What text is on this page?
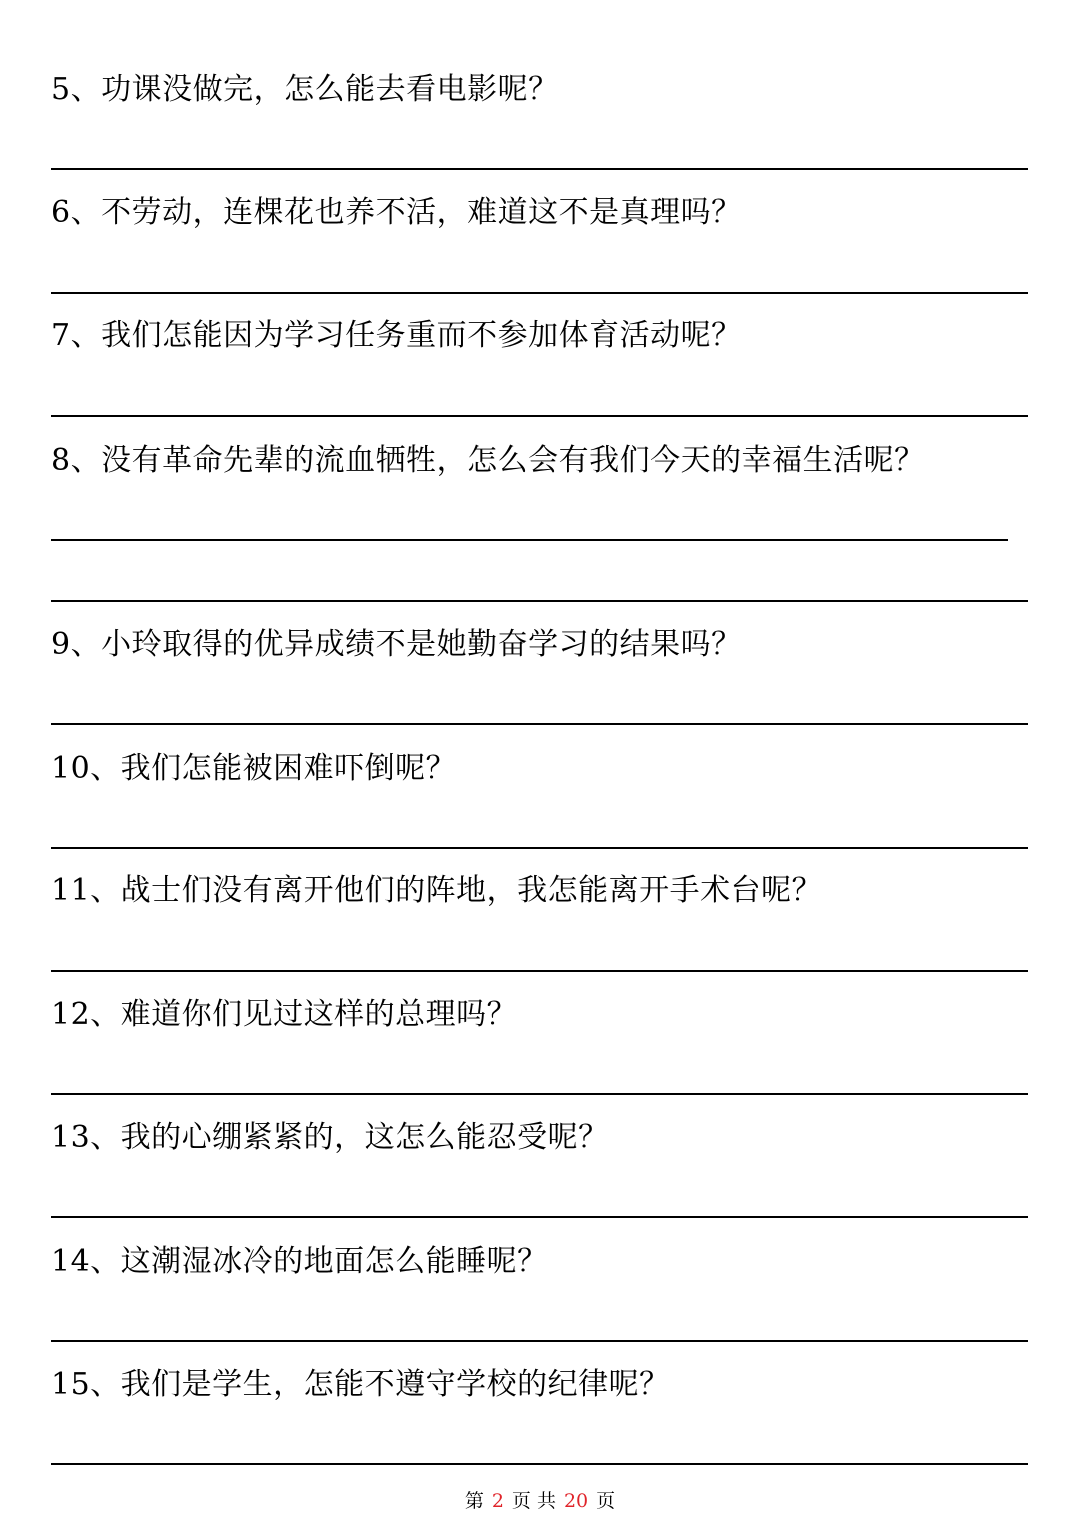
5、功课没做完，怎么能去看电影呢？
6、不劳动，连棵花也养不活，难道这不是真理吗？
7、我们怎能因为学习任务重而不参加体育活动呢？
8、没有革命先辈的流血牺牲，怎么会有我们今天的幸福生活呢？
9、小玲取得的优异成绩不是她勤奋学习的结果吗？
10、我们怎能被困难吓倒呢？
11、战士们没有离开他们的阵地，我怎能离开手术台呢？
12、难道你们见过这样的总理吗？
13、我的心绷紧紧的，这怎么能忍受呢？
14、这潮湿冰冷的地面怎么能睡呢？
15、我们是学生，怎能不遵守学校的纪律呢？
第 2 页 共 20 页
